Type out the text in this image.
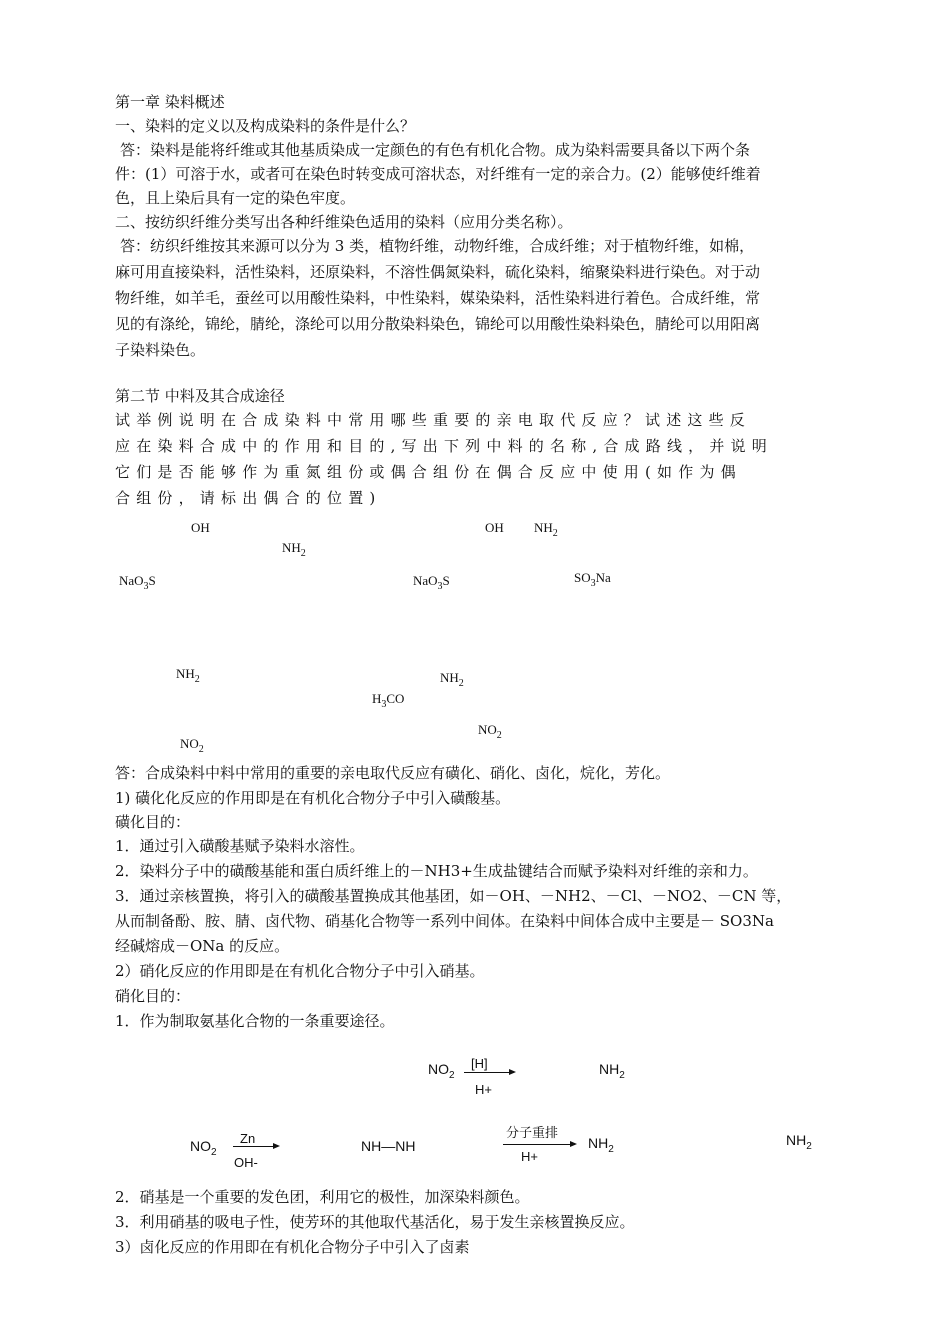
第一章 染料概述
一、染料的定义以及构成染料的条件是什么？
答：染料是能将纤维或其他基质染成一定颜色的有色有机化合物。成为染料需要具备以下两个条
件：(1）可溶于水，或者可在染色时转变成可溶状态，对纤维有一定的亲合力。(2）能够使纤维着
色，且上染后具有一定的染色牢度。
二、按纺织纤维分类写出各种纤维染色适用的染料（应用分类名称）。
答：纺织纤维按其来源可以分为 3 类，植物纤维，动物纤维，合成纤维；对于植物纤维，如棉，
麻可用直接染料，活性染料，还原染料，不溶性偶氮染料，硫化染料，缩聚染料进行染色。对于动
物纤维，如羊毛，蚕丝可以用酸性染料，中性染料，媒染染料，活性染料进行着色。合成纤维，常
见的有涤纶，锦纶，腈纶，涤纶可以用分散染料染色，锦纶可以用酸性染料染色，腈纶可以用阳离
子染料染色。
第二节 中料及其合成途径
试举例说明在合成染料中常用哪些重要的亲电取代反应？试述这些反
应在染料合成中的作用和目的,写出下列中料的名称,合成路线，并说明
它们是否能够作为重氮组份或偶合组份在偶合反应中使用(如作为偶
合组份，请标出偶合的位置)
OH
$NH_2$
NaO$_3$S
OH $NH_2$
NaO$_3$S	$SO_3Na$
$NH_2$
$NO_2$
$NH_2$
$H_3CO$
$NO_2$
答：合成染料中料中常用的重要的亲电取代反应有磺化、硝化、卤化，烷化，芳化。
1) 磺化化反应的作用即是在有机化合物分子中引入磺酸基。
磺化目的：
1．通过引入磺酸基赋予染料水溶性。
2．染料分子中的磺酸基能和蛋白质纤维上的－NH3+生成盐键结合而赋予染料对纤维的亲和力。
3．通过亲核置换，将引入的磺酸基置换成其他基团，如－OH、－NH2、－Cl、－NO2、－CN 等，
从而制备酚、胺、腈、卤代物、硝基化合物等一系列中间体。在染料中间体合成中主要是－ SO3Na
经碱熔成－ONa 的反应。
2）硝化反应的作用即是在有机化合物分子中引入硝基。
硝化目的：
1．作为制取氨基化合物的一条重要途径。
$NO_2$
[H]
H+
$NH_2$
$NO_2$
Zn
OH-
NH—NH
分子重排
H+
$NH_2$
$NH_2$
2．硝基是一个重要的发色团，利用它的极性，加深染料颜色。
3．利用硝基的吸电子性，使芳环的其他取代基活化，易于发生亲核置换反应。
3）卤化反应的作用即在有机化合物分子中引入了卤素
